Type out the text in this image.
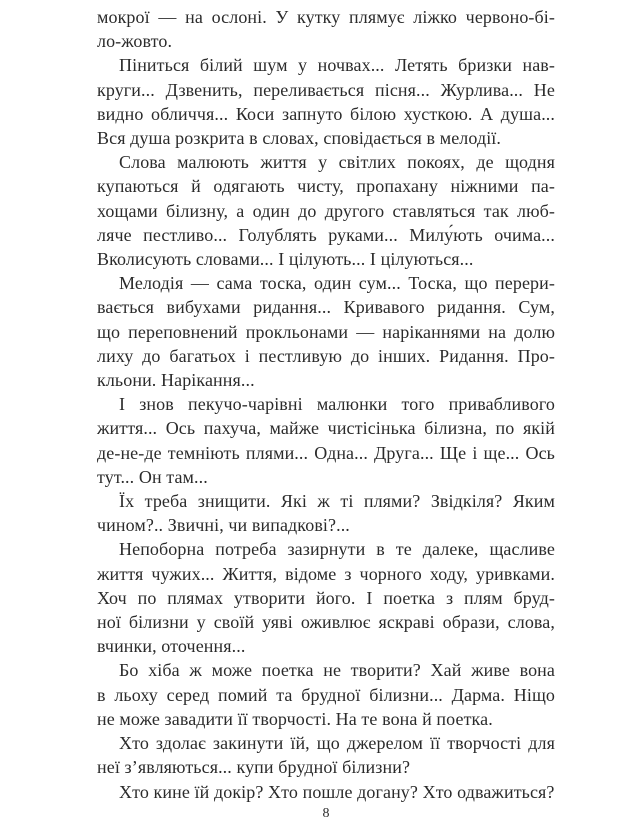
мокрої — на ослоні. У кутку плямує ліжко червоно-бі-
ло-жовто.
Піниться білий шум у ночвах... Летять бризки нав-
круги... Дзвенить, переливається пісня... Журлива... Не
видно обличчя... Коси запнуто білою хусткою. А душа...
Вся душа розкрита в словах, сповідається в мелодії.
Слова малюють життя у світлих покоях, де щодня
купаються й одягають чисту, пропахану ніжними па-
хощами білизну, а один до другого ставляться так люб-
ляче пестливо... Голублять руками... Милу́ють очима...
Вколисують словами... І цілують... І цілуються...
Мелодія — сама тоска, один сум... Тоска, що перери-
вається вибухами ридання... Кривавого ридання. Сум,
що переповнений прокльонами — наріканнями на долю
лиху до багатьох і пестливую до інших. Ридання. Про-
кльони. Нарікання...
І знов пекучо-чарівні малюнки того привабливого
життя... Ось пахуча, майже чистісінька білизна, по якій
де-не-де темніють плями... Одна... Друга... Ще і ще... Ось
тут... Он там...
Їх треба знищити. Які ж ті плями? Звідкіля? Яким
чином?.. Звичні, чи випадкові?...
Непоборна потреба зазирнути в те далеке, щасливе
життя чужих... Життя, відоме з чорного ходу, уривками.
Хоч по плямах утворити його. І поетка з плям бруд-
ної білизни у своїй уяві оживлює яскраві образи, слова,
вчинки, оточення...
Бо хіба ж може поетка не творити? Хай живе вона
в льоху серед помий та брудної білизни... Дарма. Ніщо
не може завадити її творчості. На те вона й поетка.
Хто здолає закинути їй, що джерелом її творчості для
неї з’являються... купи брудної білизни?
Хто кине їй докір? Хто пошле догану? Хто одважиться?
8
